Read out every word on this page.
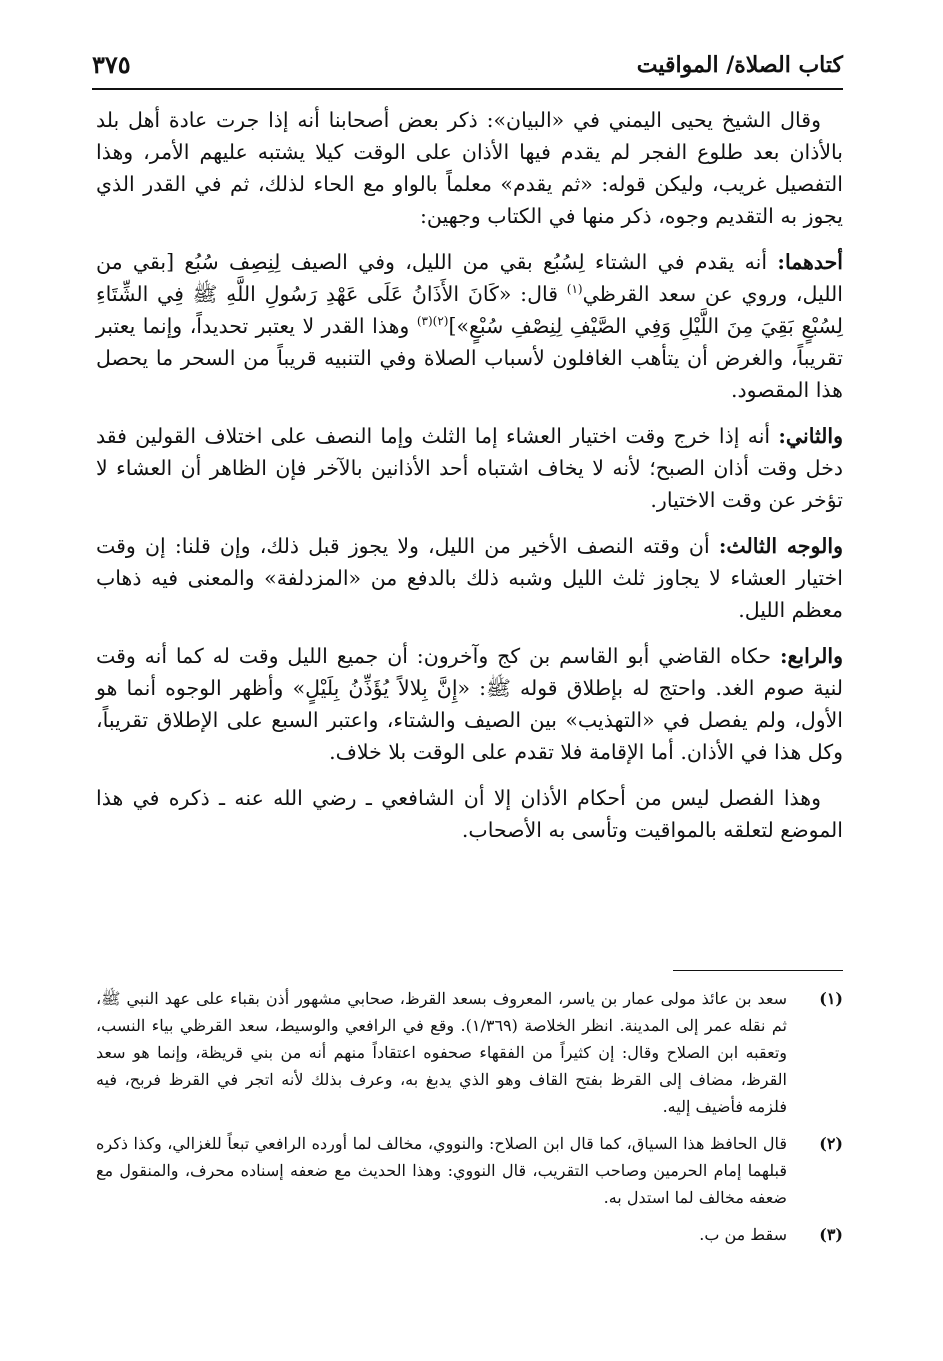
كتاب الصلاة/ المواقيت
٣٧٥

وقال الشيخ يحيى اليمني في «البيان»: ذكر بعض أصحابنا أنه إذا جرت عادة أهل بلد بالأذان بعد طلوع الفجر لم يقدم فيها الأذان على الوقت كيلا يشتبه عليهم الأمر، وهذا التفصيل غريب، وليكن قوله: «ثم يقدم» معلماً بالواو مع الحاء لذلك، ثم في القدر الذي يجوز به التقديم وجوه، ذكر منها في الكتاب وجهين:

أحدهما: أنه يقدم في الشتاء لِسُبُع بقي من الليل، وفي الصيف لِنِصِف سُبُع [بقي من الليل، وروي عن سعد القرظي$^{(١)}$ قال: «كَانَ الأَذَانُ عَلَى عَهْدِ رَسُولِ اللَّهِ ﷺ فِي الشِّتَاءِ لِسُبْعٍ بَقِيَ مِنَ اللَّيْلِ وَفِي الصَّيْفِ لِنِصْفِ سُبْعٍ»]$^{(٢)(٣)}$ وهذا القدر لا يعتبر تحديداً، وإنما يعتبر تقريباً، والغرض أن يتأهب الغافلون لأسباب الصلاة وفي التنبيه قريباً من السحر ما يحصل هذا المقصود.

والثاني: أنه إذا خرج وقت اختيار العشاء إما الثلث وإما النصف على اختلاف القولين فقد دخل وقت أذان الصبح؛ لأنه لا يخاف اشتباه أحد الأذانين بالآخر فإن الظاهر أن العشاء لا تؤخر عن وقت الاختيار.

والوجه الثالث: أن وقته النصف الأخير من الليل، ولا يجوز قبل ذلك، وإن قلنا: إن وقت اختيار العشاء لا يجاوز ثلث الليل وشبه ذلك بالدفع من «المزدلفة» والمعنى فيه ذهاب معظم الليل.

والرابع: حكاه القاضي أبو القاسم بن كج وآخرون: أن جميع الليل وقت له كما أنه وقت لنية صوم الغد. واحتج له بإطلاق قوله ﷺ: «إِنَّ بِلالاً يُؤَذِّنُ بِلَيْلٍ» وأظهر الوجوه أنما هو الأول، ولم يفصل في «التهذيب» بين الصيف والشتاء، واعتبر السبع على الإطلاق تقريباً، وكل هذا في الأذان. أما الإقامة فلا تقدم على الوقت بلا خلاف.

وهذا الفصل ليس من أحكام الأذان إلا أن الشافعي ـ رضي الله عنه ـ ذكره في هذا الموضع لتعلقه بالمواقيت وتأسى به الأصحاب.

(١)
سعد بن عائذ مولى عمار بن ياسر، المعروف بسعد القرظ، صحابي مشهور أذن بقباء على عهد النبي ﷺ، ثم نقله عمر إلى المدينة. انظر الخلاصة (١/٣٦٩). وقع في الرافعي والوسيط، سعد القرظي بياء النسب، وتعقبه ابن الصلاح وقال: إن كثيراً من الفقهاء صحفوه اعتقاداً منهم أنه من بني قريظة، وإنما هو سعد القرظ، مضاف إلى القرظ بفتح القاف وهو الذي يدبغ به، وعرف بذلك لأنه اتجر في القرظ فربح، فيه فلزمه فأضيف إليه.
(٢)
قال الحافظ هذا السياق، كما قال ابن الصلاح: والنووي، مخالف لما أورده الرافعي تبعاً للغزالي، وكذا ذكره قبلهما إمام الحرمين وصاحب التقريب، قال النووي: وهذا الحديث مع ضعفه إسناده محرف، والمنقول مع ضعفه مخالف لما استدل به.
(٣)
سقط من ب.
